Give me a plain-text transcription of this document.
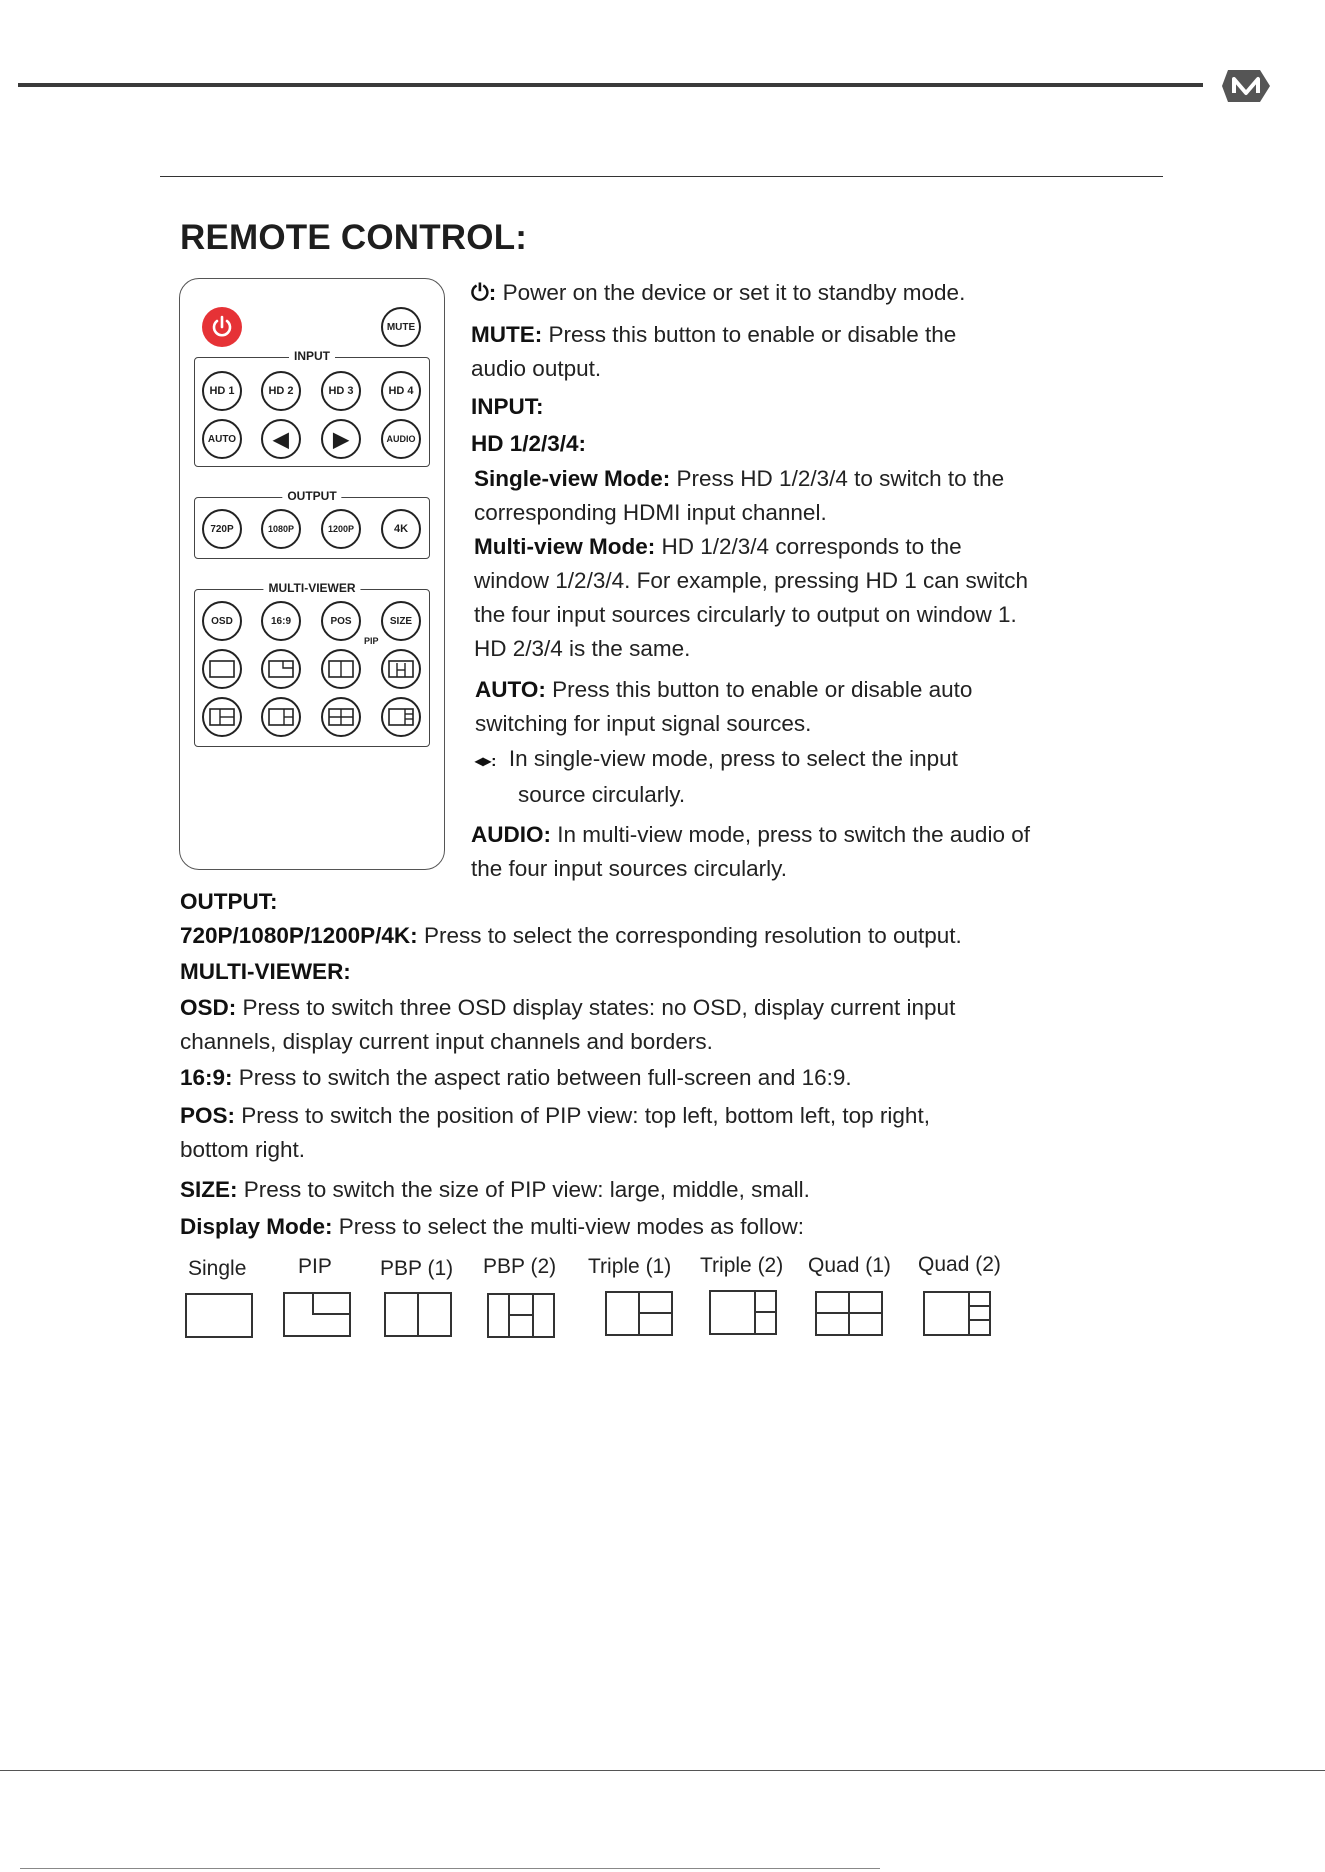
REMOTE CONTROL:
MUTE
INPUT
HD 1	HD 2	HD 3	HD 4
AUTO	◀	▶	AUDIO
OUTPUT
720P	1080P	1200P	4K
MULTI-VIEWER
OSD	16:9	POS	SIZE
PIP

⏻: Power on the device or set it to standby mode.

MUTE: Press this button to enable or disable the audio output.

INPUT:

HD 1/2/3/4:

Single-view Mode: Press HD 1/2/3/4 to switch to the corresponding HDMI input channel.

Multi-view Mode: HD 1/2/3/4 corresponds to the window 1/2/3/4. For example, pressing HD 1 can switch the four input sources circularly to output on window 1. HD 2/3/4 is the same.

AUTO: Press this button to enable or disable auto switching for input signal sources.

◂▸: In single-view mode, press to select the input

source circularly.

AUDIO: In multi-view mode, press to switch the audio of the four input sources circularly.

OUTPUT:

720P/1080P/1200P/4K: Press to select the corresponding resolution to output.

MULTI-VIEWER:

OSD: Press to switch three OSD display states: no OSD, display current input channels, display current input channels and borders.

16:9: Press to switch the aspect ratio between full-screen and 16:9.

POS: Press to switch the position of PIP view: top left, bottom left, top right, bottom right.

SIZE: Press to switch the size of PIP view: large, middle, small.

Display Mode: Press to select the multi-view modes as follow:

Single PIP PBP (1) PBP (2) Triple (1) Triple (2) Quad (1) Quad (2)
